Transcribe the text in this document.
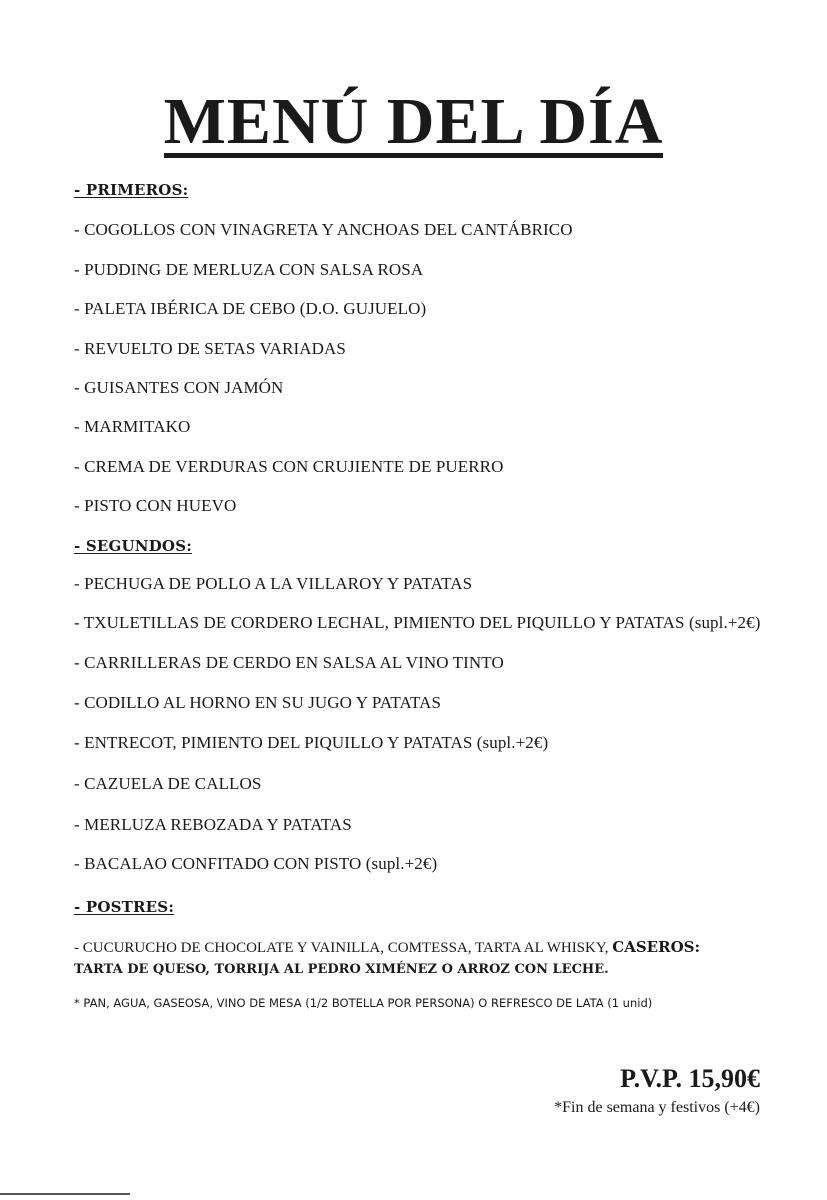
MENÚ DEL DÍA
- PRIMEROS:
- COGOLLOS CON VINAGRETA Y ANCHOAS DEL CANTÁBRICO
- PUDDING DE MERLUZA CON SALSA ROSA
- PALETA IBÉRICA DE CEBO (D.O. GUJUELO)
- REVUELTO DE SETAS VARIADAS
- GUISANTES CON JAMÓN
- MARMITAKO
- CREMA DE VERDURAS CON CRUJIENTE DE PUERRO
- PISTO CON HUEVO
- SEGUNDOS:
- PECHUGA DE POLLO A LA VILLAROY Y PATATAS
- TXULETILLAS DE CORDERO LECHAL, PIMIENTO DEL PIQUILLO Y PATATAS (supl.+2€)
- CARRILLERAS DE CERDO EN SALSA AL VINO TINTO
- CODILLO AL HORNO EN SU JUGO Y PATATAS
- ENTRECOT, PIMIENTO DEL PIQUILLO Y PATATAS (supl.+2€)
- CAZUELA DE CALLOS
- MERLUZA REBOZADA Y PATATAS
- BACALAO CONFITADO CON PISTO (supl.+2€)
- POSTRES:
- CUCURUCHO DE CHOCOLATE Y VAINILLA, COMTESSA, TARTA AL WHISKY, CASEROS:
TARTA DE QUESO, TORRIJA AL PEDRO XIMÉNEZ O ARROZ CON LECHE.
* PAN, AGUA, GASEOSA, VINO DE MESA (1/2 BOTELLA POR PERSONA) O REFRESCO DE LATA (1 unid)
P.V.P. 15,90€
*Fin de semana y festivos (+4€)
